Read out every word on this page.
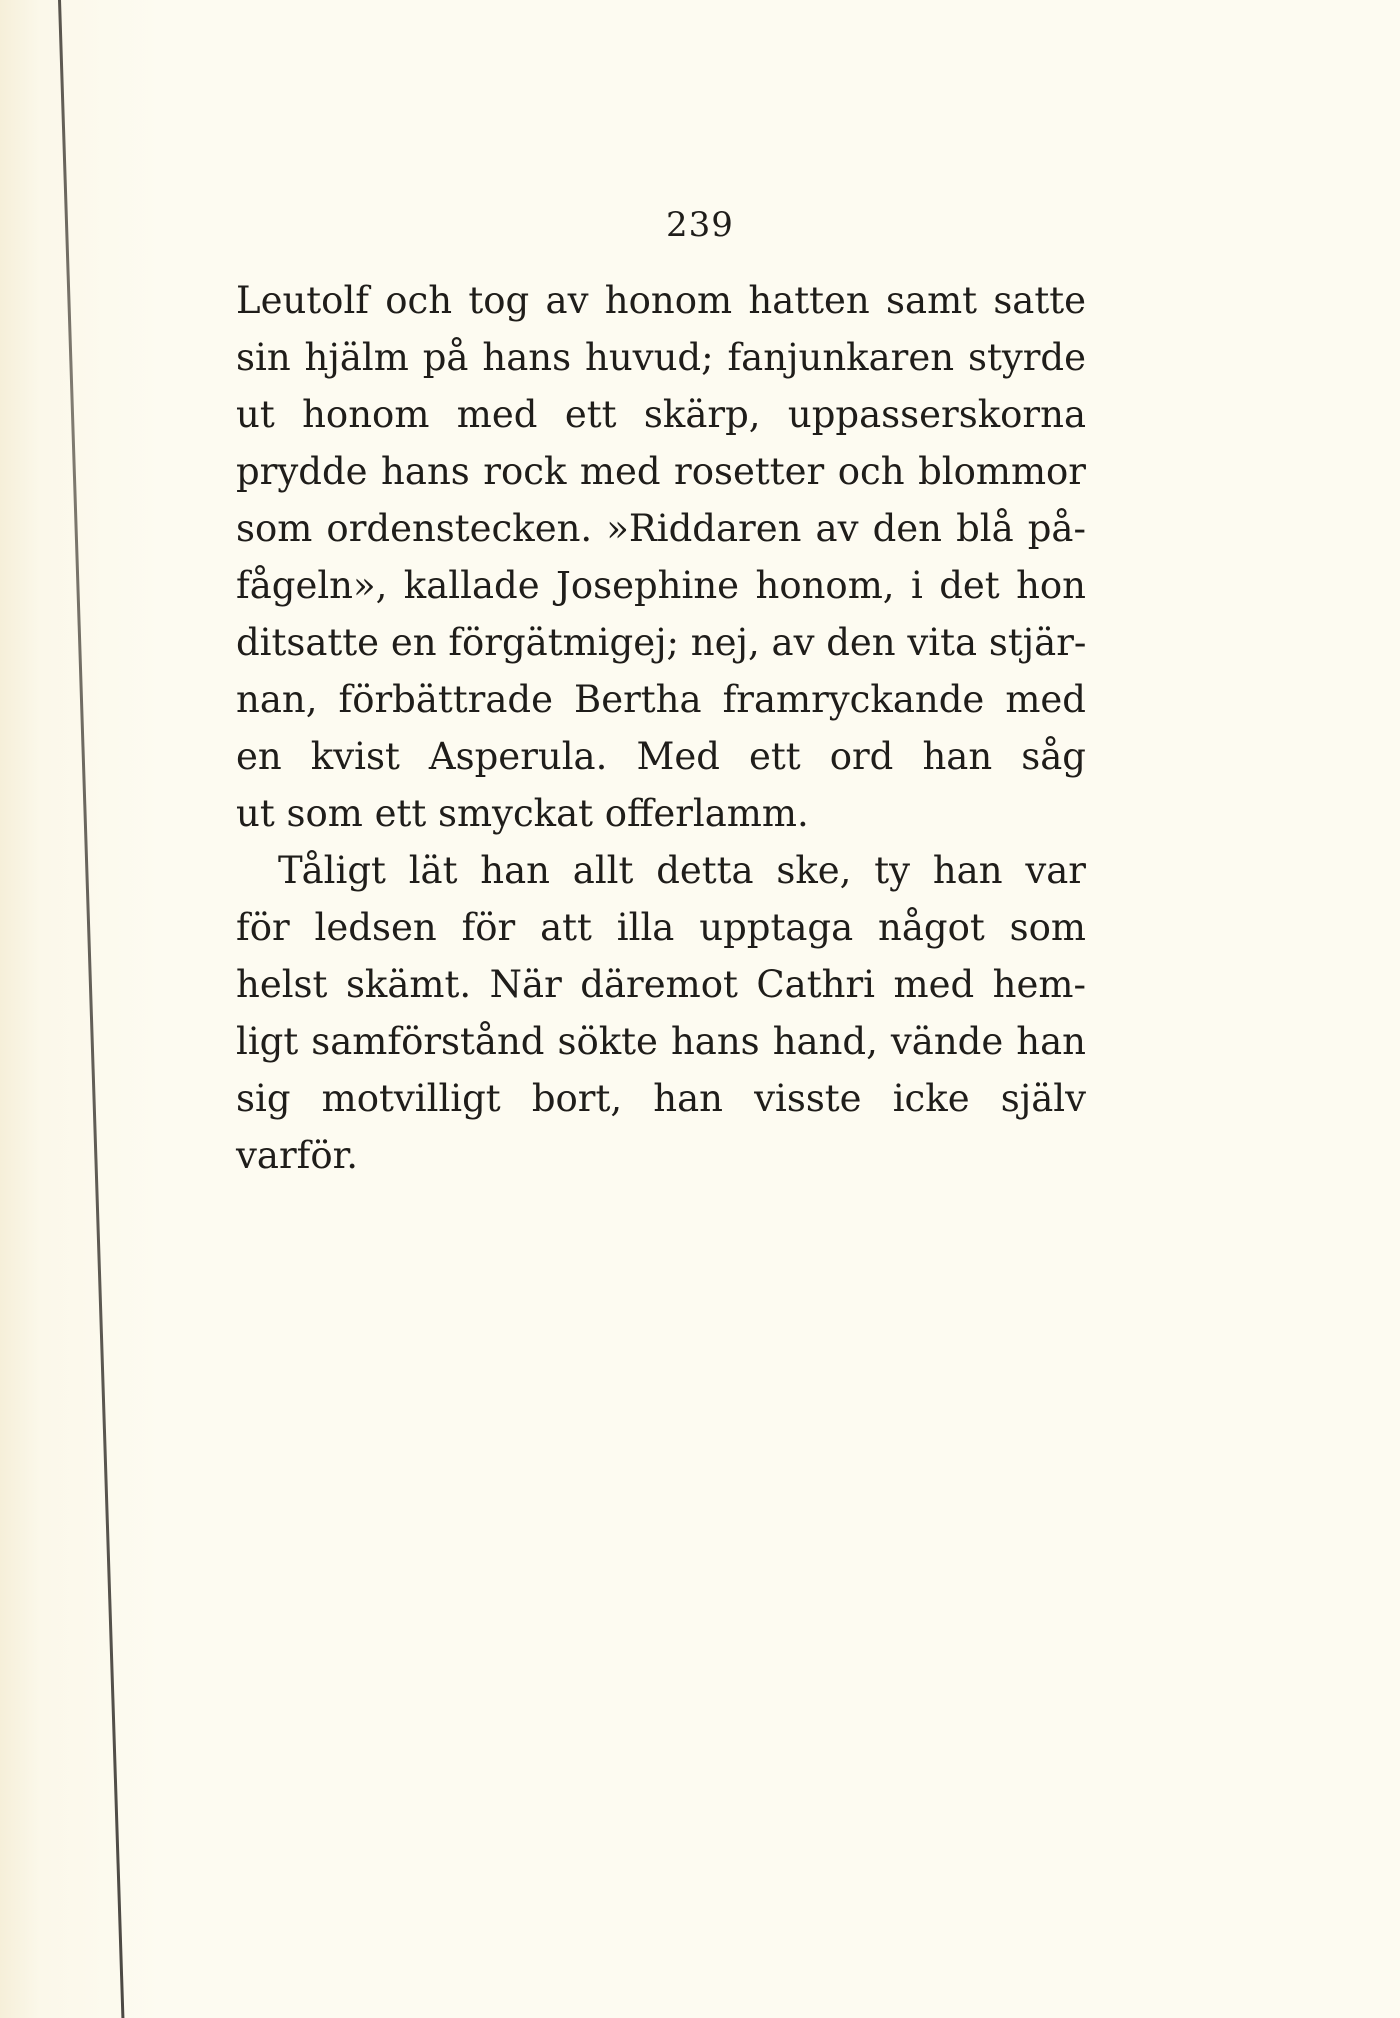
239
Leutolf och tog av honom hatten samt satte
sin hjälm på hans huvud; fanjunkaren styrde
ut honom med ett skärp, uppasserskorna
prydde hans rock med rosetter och blommor
som ordenstecken. »Riddaren av den blå på-
fågeln», kallade Josephine honom, i det hon
ditsatte en förgätmigej; nej, av den vita stjär-
nan, förbättrade Bertha framryckande med
en kvist Asperula. Med ett ord han såg
ut som ett smyckat offerlamm.
Tåligt lät han allt detta ske, ty han var
för ledsen för att illa upptaga något som
helst skämt. När däremot Cathri med hem-
ligt samförstånd sökte hans hand, vände han
sig motvilligt bort, han visste icke själv
varför.
